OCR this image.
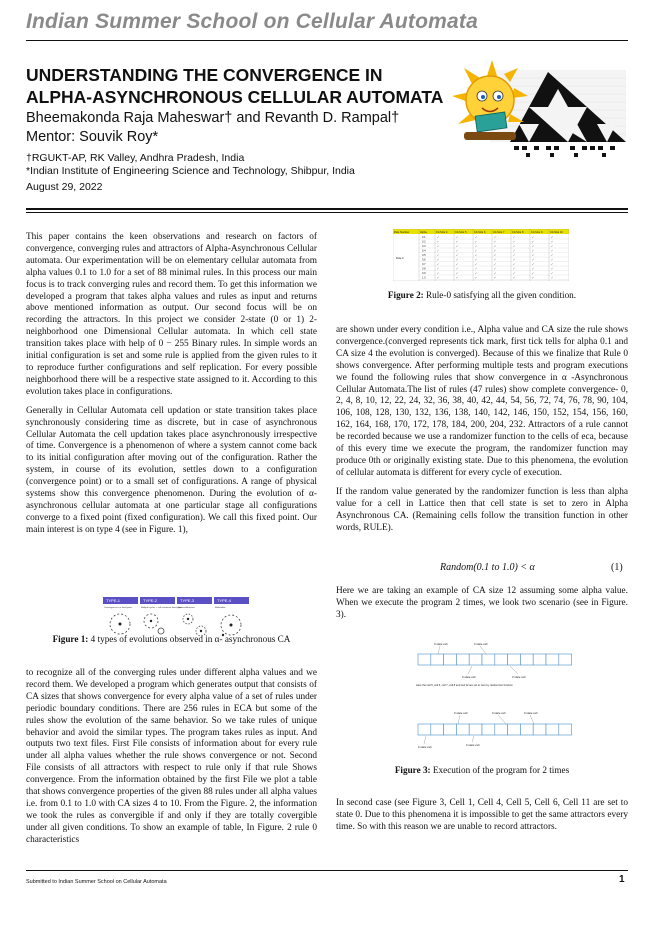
Indian Summer School on Cellular Automata
UNDERSTANDING THE CONVERGENCE IN
ALPHA-ASYNCHRONOUS CELLULAR AUTOMATA
Bheemakonda Raja Maheswar† and Revanth D. Rampal†
Mentor: Souvik Roy*
†RGUKT-AP, RK Valley, Andhra Pradesh, India
*Indian Institute of Engineering Science and Technology, Shibpur, India
August 29, 2022

This paper contains the keen observations and research on factors of convergence, converging rules and attractors of Alpha-Asynchronous Cellular automata. Our experimentation will be on elementary cellular automata from alpha values 0.1 to 1.0 for a set of 88 minimal rules. In this process our main focus is to track converging rules and record them. To get this information we developed a program that takes alpha values and rules as input and returns above mentioned information as output. Our second focus will be on recording the attractors. In this project we consider 2-state (0 or 1) 2-neighborhood one Dimensional Cellular automata. In which cell state transition takes place with help of 0 − 255 Binary rules. In simple words an initial configuration is set and some rule is applied from the given rules to it to reproduce further configurations and self replication. For every possible neighborhood there will be a respective state assigned to it. According to this evolution takes place in configurations.

Generally in Cellular Automata cell updation or state transition takes place synchronously considering time as discrete, but in case of asynchronous Cellular Automata the cell updation takes place asynchronously irrespective of time. Convergence is a phenomenon of where a system cannot come back to its initial configuration after moving out of the configuration. Rather the system, in course of its evolution, settles down to a configuration (convergence point) or to a small set of configurations. A range of physical systems show this convergence phenomenon. During the evolution of α-asynchronous cellular automata at one particular stage all configurations converge to a fixed point (fixed configuration). We call this fixed point. Our main interest is on type 4 (see in Figure. 1),

TYPE-1	TYPE-2	TYPE-3	TYPE-4
Convergence to a fixed point	Multiple cycles + self-sustained fixed point
Sparse Attractors	Multistable
Figure 1: 4 types of evolutions observed in α- asynchronous CA

to recognize all of the converging rules under different alpha values and we record them. We developed a program which generates output that consists of CA sizes that shows convergence for every alpha value of a set of rules under periodic boundary conditions. There are 256 rules in ECA but some of the rules show the evolution of the same behavior. So we take rules of unique behavior and avoid the similar types. The program takes rules as input. And outputs two text files. First File consists of information about for every rule under all alpha values whether the rule shows convergence or not. Second File consists of all attractors with respect to rule only if that rule Shows convergence. From the information obtained by the first File we plot a table that shows convergence properties of the given 88 rules under all alpha values i.e. from 0.1 to 1.0 with CA sizes 4 to 10. From the Figure. 2, the information we took the rules as convergible if and only if they are totally covergible under all given conditions. To show an example of table, In Figure. 2 rule 0 characteristics

Rule Number	Alpha	CA Size 4	CA Size 5	CA Size 6	CA Size 7	CA Size 8	CA Size 9	CA Size 10
Rule 0
0.1	✓	✓	✓	✓	✓	✓	✓
0.2	✓	✓	✓	✓	✓	✓	✓
0.3	✓	✓	✓	✓	✓	✓	✓
0.4	✓	✓	✓	✓	✓	✓	✓
0.5	✓	✓	✓	✓	✓	✓	✓
0.6	✓	✓	✓	✓	✓	✓	✓
0.7	✓	✓	✓	✓	✓	✓	✓
0.8	✓	✓	✓	✓	✓	✓	✓
0.9	✓	✓	✓	✓	✓	✓	✓
1.0	✓	✓	✓	✓	✓	✓	✓
Figure 2: Rule-0 satisfying all the given condition.

are shown under every condition i.e., Alpha value and CA size the rule shows convergence.(converged represents tick mark, first tick tells for alpha 0.1 and CA size 4 the evolution is converged). Because of this we finalize that Rule 0 shows convergence. After performing multiple tests and program executions we found the following rules that show convergence in α -Asynchronous Cellular Automata.The list of rules (47 rules) show complete convergence- 0, 2, 4, 8, 10, 12, 22, 24, 32, 36, 38, 40, 42, 44, 54, 56, 72, 74, 76, 78, 90, 104, 106, 108, 128, 130, 132, 136, 138, 140, 142, 146, 150, 152, 154, 156, 160, 162, 164, 168, 170, 172, 178, 184, 200, 204, 232. Attractors of a rule cannot be recorded because we use a randomizer function to the cells of eca, because of this every time we execute the program, the randomizer function may produce 0th or originally existing state. Due to this phenomena, the evolution of cellular automata is different for every cycle of execution.

If the random value generated by the randomizer function is less than alpha value for a cell in Lattice then that cell state is set to zero in Alpha Asynchronous CA. (Remaining cells follow the transition function in other words, RULE).

Random(0.1 to 1.0) < α	(1)

Here we are taking an example of CA size 12 assuming some alpha value. When we execute the program 2 times, we look two scenario (see in Figure. 3).

0 state cell	0 state cell
0 state cell	0 state cell
Here the cell 5, cell 6, cell 7, cell 8 and cell 12 are set to zero by randomizer function
0 state cell	0 state cell	0 state cell
0 state cell	0 state cell
Figure 3: Execution of the program for 2 times

In second case (see Figure 3, Cell 1, Cell 4, Cell 5, Cell 6, Cell 11 are set to state 0. Due to this phenomena it is impossible to get the same attractors every time. So with this reason we are unable to record attractors.

Submitted to Indian Summer School on Cellular Automata	1
